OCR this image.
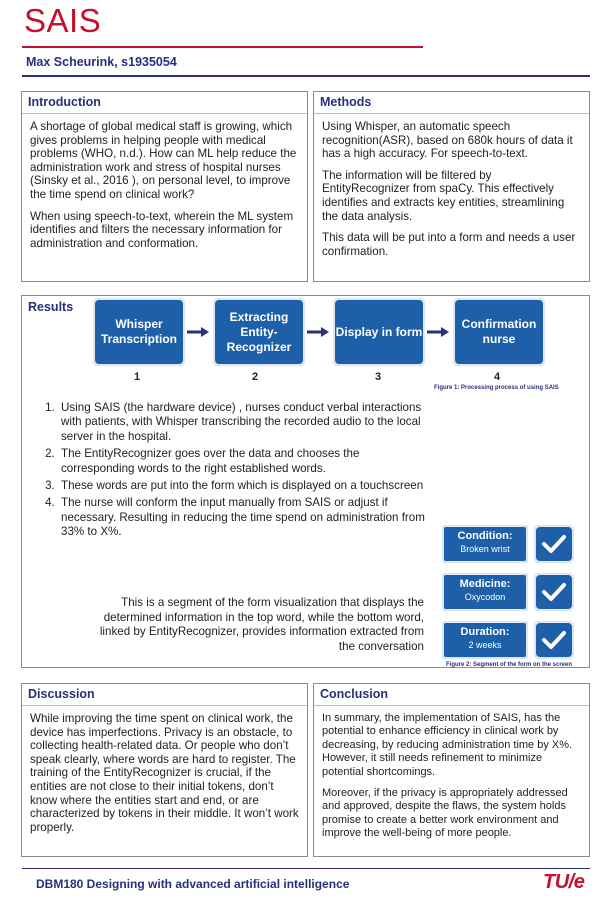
SAIS
Max Scheurink, s1935054
Introduction

A shortage of global medical staff is growing, which gives problems in helping people with medical problems (WHO, n.d.). How can ML help reduce the administration work and stress of hospital nurses (Sinsky et al., 2016 ), on personal level, to improve the time spend on clinical work?

When using speech-to-text, wherein the ML system identifies and filters the necessary information for administration and conformation.

Methods

Using Whisper, an automatic speech recognition(ASR), based on 680k hours of data it has a high accuracy. For speech-to-text.

The information will be filtered by EntityRecognizer from spaCy. This effectively identifies and extracts key entities, streamlining the data analysis.

This data will be put into a form and needs a user confirmation.

Results
Whisper Transcription
Extracting Entity-Recognizer
Display in form
Confirmation nurse
1	2	3	4
Figure 1: Processing process of using SAIS
1. Using SAIS (the hardware device) , nurses conduct verbal interactions with patients, with Whisper transcribing the recorded audio to the local server in the hospital.
2. The EntityRecognizer goes over the data and chooses the corresponding words to the right established words.
3. These words are put into the form which is displayed on a touchscreen
4. The nurse will conform the input manually from SAIS or adjust if necessary. Resulting in reducing the time spend on administration from 33% to X%.
This is a segment of the form visualization that displays the determined information in the top word, while the bottom word, linked by EntityRecognizer, provides information extracted from the conversation
Condition:
Broken wrist
Medicine:
Oxycodon
Duration:
2 weeks
Figure 2: Segment of the form on the screen
Discussion

While improving the time spent on clinical work, the device has imperfections. Privacy is an obstacle, to collecting health-related data. Or people who don’t speak clearly, where words are hard to register. The training of the EntityRecognizer is crucial, if the entities are not close to their initial tokens, don’t know where the entities start and end, or are characterized by tokens in their middle. It won’t work properly.

Conclusion

In summary, the implementation of SAIS, has the potential to enhance efficiency in clinical work by decreasing, by reducing administration time by X%. However, it still needs refinement to minimize potential shortcomings.

Moreover, if the privacy is appropriately addressed and approved, despite the flaws, the system holds promise to create a better work environment and improve the well-being of more people.

DBM180 Designing with advanced artificial intelligence	TU/e
